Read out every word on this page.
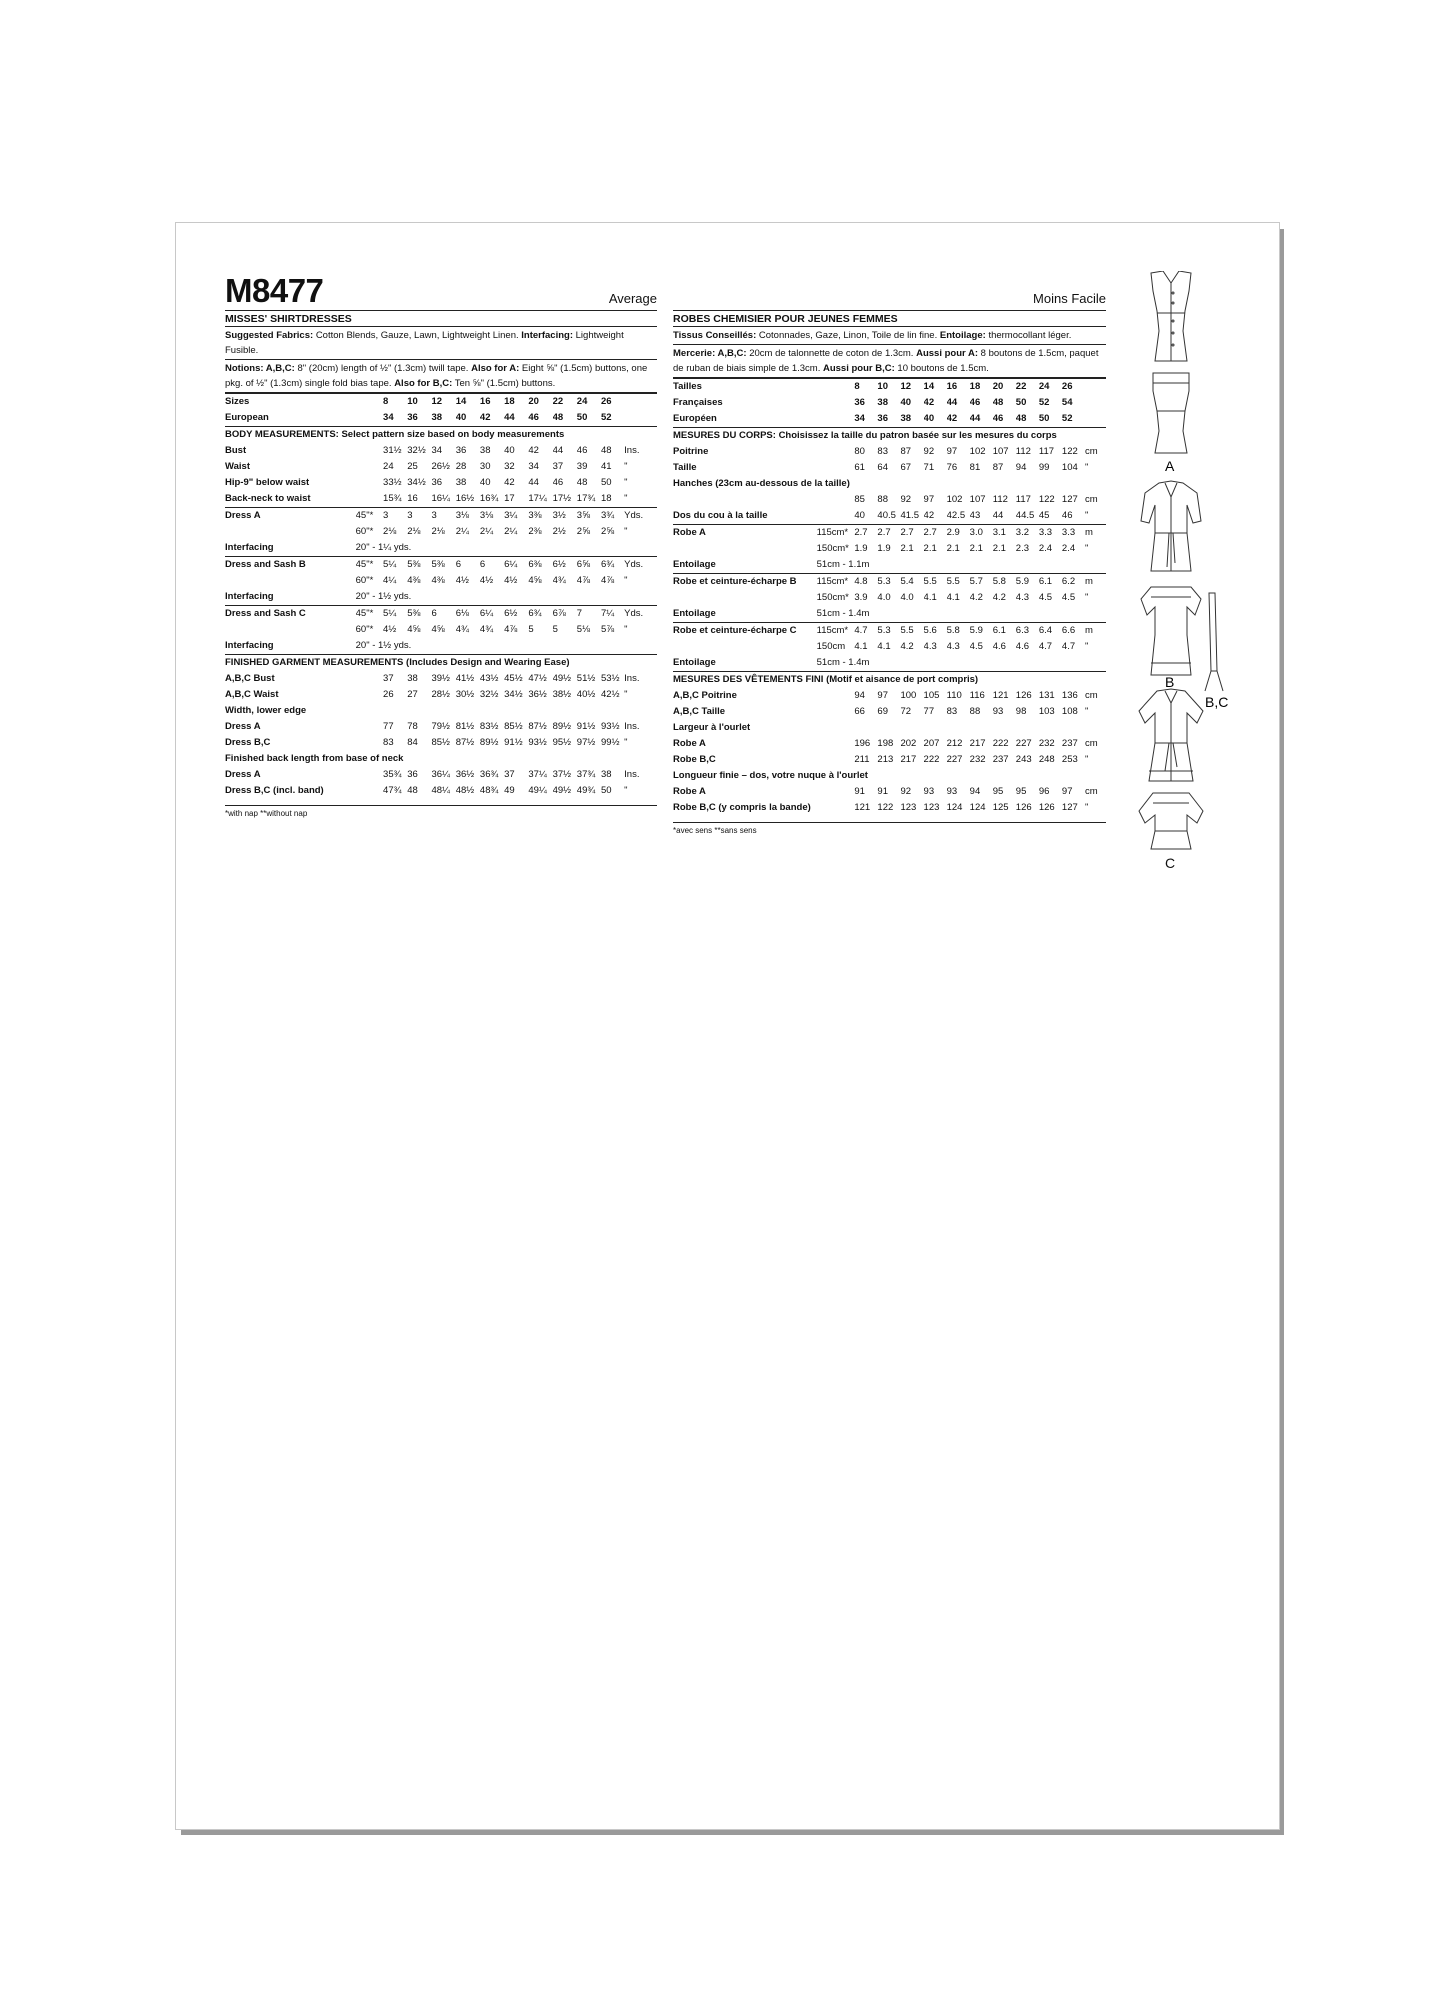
M8477	Average
MISSES' SHIRTDRESSES
Suggested Fabrics: Cotton Blends, Gauze, Lawn, Lightweight Linen. Interfacing: Lightweight Fusible.
Notions: A,B,C: 8" (20cm) length of ½" (1.3cm) twill tape. Also for A: Eight ⅝" (1.5cm) buttons, one pkg. of ½" (1.3cm) single fold bias tape. Also for B,C: Ten ⅝" (1.5cm) buttons.
Sizes		8	10	12	14	16	18	20	22	24	26	
European		34	36	38	40	42	44	46	48	50	52	
BODY MEASUREMENTS: Select pattern size based on body measurements												
Bust		31½	32½	34	36	38	40	42	44	46	48	Ins.
Waist		24	25	26½	28	30	32	34	37	39	41	"
Hip-9" below waist		33½	34½	36	38	40	42	44	46	48	50	"
Back-neck to waist		15¾	16	16¼	16½	16¾	17	17¼	17½	17¾	18	"
Dress A	45"*	3	3	3	3⅛	3⅛	3¼	3⅜	3½	3⅝	3¾	Yds.
	60"*	2⅛	2⅛	2⅛	2¼	2¼	2¼	2⅜	2½	2⅝	2⅝	"
Interfacing	20" - 1¼ yds.											
Dress and Sash B	45"*	5¼	5⅜	5⅜	6	6	6¼	6⅜	6½	6⅝	6¾	Yds.
	60"*	4¼	4⅜	4⅜	4½	4½	4½	4⅝	4¾	4⅞	4⅞	"
Interfacing	20" - 1½ yds.											
Dress and Sash C	45"*	5¼	5⅜	6	6⅛	6¼	6½	6¾	6⅞	7	7¼	Yds.
	60"*	4½	4⅝	4⅝	4¾	4¾	4⅞	5	5	5⅛	5⅞	"
Interfacing	20" - 1½ yds.											
FINISHED GARMENT MEASUREMENTS (Includes Design and Wearing Ease)												
A,B,C Bust		37	38	39½	41½	43½	45½	47½	49½	51½	53½	Ins.
A,B,C Waist		26	27	28½	30½	32½	34½	36½	38½	40½	42½	"
Width, lower edge												
Dress A		77	78	79½	81½	83½	85½	87½	89½	91½	93½	Ins.
Dress B,C		83	84	85½	87½	89½	91½	93½	95½	97½	99½	"
Finished back length from base of neck												
Dress A		35¾	36	36¼	36½	36¾	37	37¼	37½	37¾	38	Ins.
Dress B,C (incl. band)		47¾	48	48¼	48½	48¾	49	49¼	49½	49¾	50	"
*with nap **without nap
Moins Facile
ROBES CHEMISIER POUR JEUNES FEMMES
Tissus Conseillés: Cotonnades, Gaze, Linon, Toile de lin fine. Entoilage: thermocollant léger.
Mercerie: A,B,C: 20cm de talonnette de coton de 1.3cm. Aussi pour A: 8 boutons de 1.5cm, paquet de ruban de biais simple de 1.3cm. Aussi pour B,C: 10 boutons de 1.5cm.
Tailles		8	10	12	14	16	18	20	22	24	26	
Françaises		36	38	40	42	44	46	48	50	52	54	
Européen		34	36	38	40	42	44	46	48	50	52	
MESURES DU CORPS: Choisissez la taille du patron basée sur les mesures du corps												
Poitrine		80	83	87	92	97	102	107	112	117	122	cm
Taille		61	64	67	71	76	81	87	94	99	104	"
Hanches (23cm au-dessous de la taille)												
		85	88	92	97	102	107	112	117	122	127	cm
Dos du cou à la taille		40	40.5	41.5	42	42.5	43	44	44.5	45	46	"
Robe A	115cm*	2.7	2.7	2.7	2.7	2.9	3.0	3.1	3.2	3.3	3.3	m
	150cm*	1.9	1.9	2.1	2.1	2.1	2.1	2.1	2.3	2.4	2.4	"
Entoilage	51cm - 1.1m											
Robe et ceinture-écharpe B	115cm*	4.8	5.3	5.4	5.5	5.5	5.7	5.8	5.9	6.1	6.2	m
	150cm*	3.9	4.0	4.0	4.1	4.1	4.2	4.2	4.3	4.5	4.5	"
Entoilage	51cm - 1.4m											
Robe et ceinture-écharpe C	115cm*	4.7	5.3	5.5	5.6	5.8	5.9	6.1	6.3	6.4	6.6	m
	150cm	4.1	4.1	4.2	4.3	4.3	4.5	4.6	4.6	4.7	4.7	"
Entoilage	51cm - 1.4m											
MESURES DES VÊTEMENTS FINI (Motif et aisance de port compris)												
A,B,C Poitrine		94	97	100	105	110	116	121	126	131	136	cm
A,B,C Taille		66	69	72	77	83	88	93	98	103	108	"
Largeur à l'ourlet												
Robe A		196	198	202	207	212	217	222	227	232	237	cm
Robe B,C		211	213	217	222	227	232	237	243	248	253	"
Longueur finie – dos, votre nuque à l'ourlet												
Robe A		91	91	92	93	93	94	95	95	96	97	cm
Robe B,C (y compris la bande)		121	122	123	123	124	124	125	126	126	127	"
*avec sens **sans sens
A
B
B,C
C
